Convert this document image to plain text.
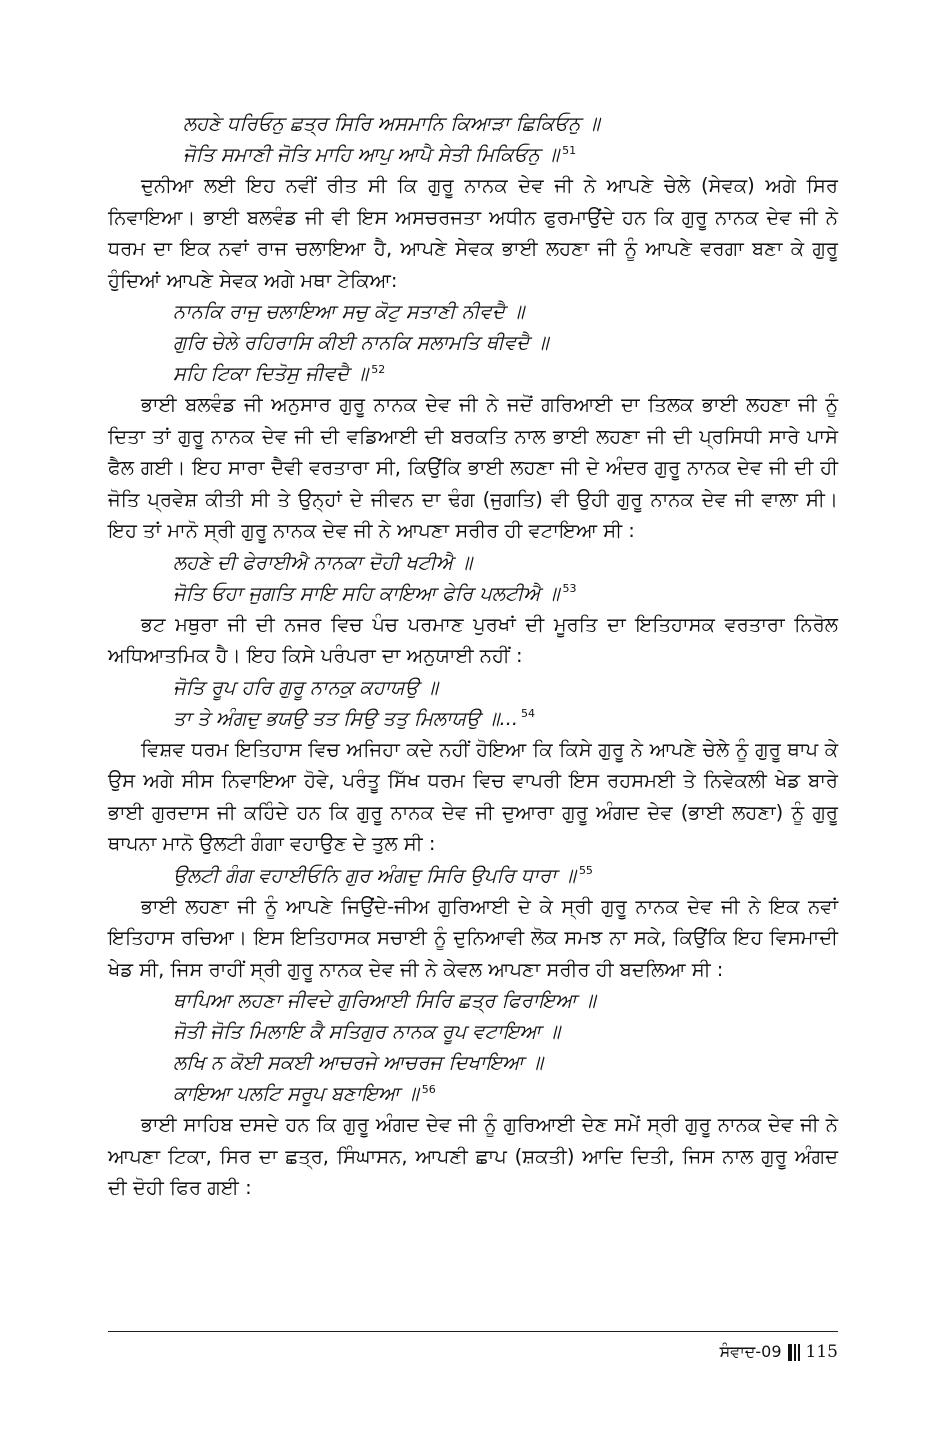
ਲਹਣੇ ਧਰਿਓਨੁ ਛਤ੍ਰ ਸਿਰਿ ਅਸਮਾਨਿ ਕਿਆੜਾ ਛਿਕਿਓਨੁ ॥
ਜੋਤਿ ਸਮਾਣੀ ਜੋਤਿ ਮਾਹਿ ਆਪੁ ਆਪੈ ਸੇਤੀ ਮਿਕਿਓਨੁ ॥ $^{51}$

ਦੁਨੀਆ ਲਈ ਇਹ ਨਵੀਂ ਰੀਤ ਸੀ ਕਿ ਗੁਰੂ ਨਾਨਕ ਦੇਵ ਜੀ ਨੇ ਆਪਣੇ ਚੇਲੇ (ਸੇਵਕ) ਅਗੇ ਸਿਰ ਨਿਵਾਇਆ। ਭਾਈ ਬਲਵੰਡ ਜੀ ਵੀ ਇਸ ਅਸਚਰਜਤਾ ਅਧੀਨ ਫੁਰਮਾਉਂਦੇ ਹਨ ਕਿ ਗੁਰੂ ਨਾਨਕ ਦੇਵ ਜੀ ਨੇ ਧਰਮ ਦਾ ਇਕ ਨਵਾਂ ਰਾਜ ਚਲਾਇਆ ਹੈ, ਆਪਣੇ ਸੇਵਕ ਭਾਈ ਲਹਣਾ ਜੀ ਨੂੰ ਆਪਣੇ ਵਰਗਾ ਬਣਾ ਕੇ ਗੁਰੂ ਹੁੰਦਿਆਂ ਆਪਣੇ ਸੇਵਕ ਅਗੇ ਮਥਾ ਟੇਕਿਆ:

ਨਾਨਕਿ ਰਾਜੁ ਚਲਾਇਆ ਸਚੁ ਕੋਟੁ ਸਤਾਣੀ ਨੀਵਦੈ ॥
ਗੁਰਿ ਚੇਲੇ ਰਹਿਰਾਸਿ ਕੀਈ ਨਾਨਕਿ ਸਲਾਮਤਿ ਥੀਵਦੈ ॥
ਸਹਿ ਟਿਕਾ ਦਿਤੋਸੁ ਜੀਵਦੈ ॥ $^{52}$

ਭਾਈ ਬਲਵੰਡ ਜੀ ਅਨੁਸਾਰ ਗੁਰੂ ਨਾਨਕ ਦੇਵ ਜੀ ਨੇ ਜਦੋਂ ਗਰਿਆਈ ਦਾ ਤਿਲਕ ਭਾਈ ਲਹਣਾ ਜੀ ਨੂੰ ਦਿਤਾ ਤਾਂ ਗੁਰੂ ਨਾਨਕ ਦੇਵ ਜੀ ਦੀ ਵਡਿਆਈ ਦੀ ਬਰਕਤਿ ਨਾਲ ਭਾਈ ਲਹਣਾ ਜੀ ਦੀ ਪ੍ਰਸਿਧੀ ਸਾਰੇ ਪਾਸੇ ਫੈਲ ਗਈ। ਇਹ ਸਾਰਾ ਦੈਵੀ ਵਰਤਾਰਾ ਸੀ, ਕਿਉਂਕਿ ਭਾਈ ਲਹਣਾ ਜੀ ਦੇ ਅੰਦਰ ਗੁਰੂ ਨਾਨਕ ਦੇਵ ਜੀ ਦੀ ਹੀ ਜੋਤਿ ਪ੍ਰਵੇਸ਼ ਕੀਤੀ ਸੀ ਤੇ ਉਨ੍ਹਾਂ ਦੇ ਜੀਵਨ ਦਾ ਢੰਗ (ਜੁਗਤਿ) ਵੀ ਉਹੀ ਗੁਰੂ ਨਾਨਕ ਦੇਵ ਜੀ ਵਾਲਾ ਸੀ। ਇਹ ਤਾਂ ਮਾਨੋ ਸ੍ਰੀ ਗੁਰੂ ਨਾਨਕ ਦੇਵ ਜੀ ਨੇ ਆਪਣਾ ਸਰੀਰ ਹੀ ਵਟਾਇਆ ਸੀ :

ਲਹਣੇ ਦੀ ਫੇਰਾਈਐ ਨਾਨਕਾ ਦੋਹੀ ਖਟੀਐ ॥
ਜੋਤਿ ਓਹਾ ਜੁਗਤਿ ਸਾਇ ਸਹਿ ਕਾਇਆ ਫੇਰਿ ਪਲਟੀਐ ॥ $^{53}$

ਭਟ ਮਥੁਰਾ ਜੀ ਦੀ ਨਜਰ ਵਿਚ ਪੰਚ ਪਰਮਾਣ ਪੁਰਖਾਂ ਦੀ ਮੂਰਤਿ ਦਾ ਇਤਿਹਾਸਕ ਵਰਤਾਰਾ ਨਿਰੋਲ ਅਧਿਆਤਮਿਕ ਹੈ। ਇਹ ਕਿਸੇ ਪਰੰਪਰਾ ਦਾ ਅਨੁਯਾਈ ਨਹੀਂ :

ਜੋਤਿ ਰੂਪ ਹਰਿ ਗੁਰੂ ਨਾਨਕੁ ਕਹਾਯਉ ॥
ਤਾ ਤੇ ਅੰਗਦੁ ਭਯਉ ਤਤ ਸਿਉ ਤਤੁ ਮਿਲਾਯਉ ॥... $^{54}$

ਵਿਸ਼ਵ ਧਰਮ ਇਤਿਹਾਸ ਵਿਚ ਅਜਿਹਾ ਕਦੇ ਨਹੀਂ ਹੋਇਆ ਕਿ ਕਿਸੇ ਗੁਰੂ ਨੇ ਆਪਣੇ ਚੇਲੇ ਨੂੰ ਗੁਰੂ ਥਾਪ ਕੇ ਉਸ ਅਗੇ ਸੀਸ ਨਿਵਾਇਆ ਹੋਵੇ, ਪਰੰਤੂ ਸਿੱਖ ਧਰਮ ਵਿਚ ਵਾਪਰੀ ਇਸ ਰਹਸਮਈ ਤੇ ਨਿਵੇਕਲੀ ਖੇਡ ਬਾਰੇ ਭਾਈ ਗੁਰਦਾਸ ਜੀ ਕਹਿੰਦੇ ਹਨ ਕਿ ਗੁਰੂ ਨਾਨਕ ਦੇਵ ਜੀ ਦੁਆਰਾ ਗੁਰੂ ਅੰਗਦ ਦੇਵ (ਭਾਈ ਲਹਣਾ) ਨੂੰ ਗੁਰੂ ਥਾਪਨਾ ਮਾਨੋ ਉਲਟੀ ਗੰਗਾ ਵਹਾਉਣ ਦੇ ਤੁਲ ਸੀ :

ਉਲਟੀ ਗੰਗ ਵਹਾਈਓਨਿ ਗੁਰ ਅੰਗਦੁ ਸਿਰਿ ਉਪਰਿ ਧਾਰਾ ॥ $^{55}$

ਭਾਈ ਲਹਣਾ ਜੀ ਨੂੰ ਆਪਣੇ ਜਿਉਂਦੇ-ਜੀਅ ਗੁਰਿਆਈ ਦੇ ਕੇ ਸ੍ਰੀ ਗੁਰੂ ਨਾਨਕ ਦੇਵ ਜੀ ਨੇ ਇਕ ਨਵਾਂ ਇਤਿਹਾਸ ਰਚਿਆ। ਇਸ ਇਤਿਹਾਸਕ ਸਚਾਈ ਨੂੰ ਦੁਨਿਆਵੀ ਲੋਕ ਸਮਝ ਨਾ ਸਕੇ, ਕਿਉਂਕਿ ਇਹ ਵਿਸਮਾਦੀ ਖੇਡ ਸੀ, ਜਿਸ ਰਾਹੀਂ ਸ੍ਰੀ ਗੁਰੂ ਨਾਨਕ ਦੇਵ ਜੀ ਨੇ ਕੇਵਲ ਆਪਣਾ ਸਰੀਰ ਹੀ ਬਦਲਿਆ ਸੀ :

ਥਾਪਿਆ ਲਹਣਾ ਜੀਵਦੇ ਗੁਰਿਆਈ ਸਿਰਿ ਛਤ੍ਰ ਫਿਰਾਇਆ ॥
ਜੋਤੀ ਜੋਤਿ ਮਿਲਾਇ ਕੈ ਸਤਿਗੁਰ ਨਾਨਕ ਰੂਪ ਵਟਾਇਆ ॥
ਲਖਿ ਨ ਕੋਈ ਸਕਈ ਆਚਰਜੇ ਆਚਰਜ ਦਿਖਾਇਆ ॥
ਕਾਇਆ ਪਲਟਿ ਸਰੂਪ ਬਣਾਇਆ ॥ $^{56}$

ਭਾਈ ਸਾਹਿਬ ਦਸਦੇ ਹਨ ਕਿ ਗੁਰੂ ਅੰਗਦ ਦੇਵ ਜੀ ਨੂੰ ਗੁਰਿਆਈ ਦੇਣ ਸਮੇਂ ਸ੍ਰੀ ਗੁਰੂ ਨਾਨਕ ਦੇਵ ਜੀ ਨੇ ਆਪਣਾ ਟਿਕਾ, ਸਿਰ ਦਾ ਛਤ੍ਰ, ਸਿੰਘਾਸਨ, ਆਪਣੀ ਛਾਪ (ਸ਼ਕਤੀ) ਆਦਿ ਦਿਤੀ, ਜਿਸ ਨਾਲ ਗੁਰੂ ਅੰਗਦ ਦੀ ਦੋਹੀ ਫਿਰ ਗਈ :

ਸੰਵਾਦ-09 115
